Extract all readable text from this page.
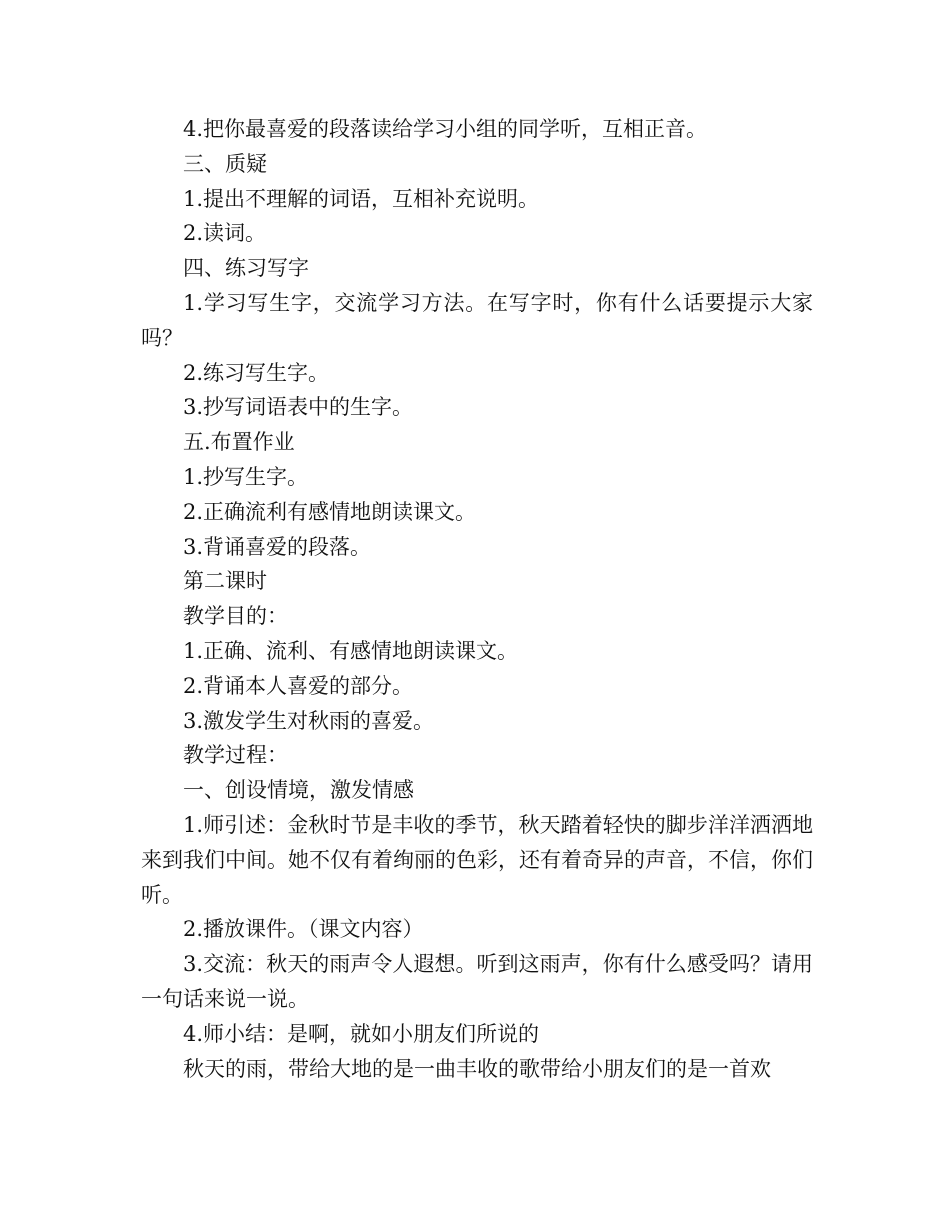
4.把你最喜爱的段落读给学习小组的同学听，互相正音。

三、质疑

1.提出不理解的词语，互相补充说明。

2.读词。

四、练习写字

1.学习写生字，交流学习方法。在写字时，你有什么话要提示大家吗？

2.练习写生字。

3.抄写词语表中的生字。

五.布置作业

1.抄写生字。

2.正确流利有感情地朗读课文。

3.背诵喜爱的段落。

第二课时

教学目的：

1.正确、流利、有感情地朗读课文。

2.背诵本人喜爱的部分。

3.激发学生对秋雨的喜爱。

教学过程：

一、创设情境，激发情感

1.师引述：金秋时节是丰收的季节，秋天踏着轻快的脚步洋洋洒洒地来到我们中间。她不仅有着绚丽的色彩，还有着奇异的声音，不信，你们听。

2.播放课件。（课文内容）

3.交流：秋天的雨声令人遐想。听到这雨声，你有什么感受吗？请用一句话来说一说。

4.师小结：是啊，就如小朋友们所说的

秋天的雨，带给大地的是一曲丰收的歌带给小朋友们的是一首欢
